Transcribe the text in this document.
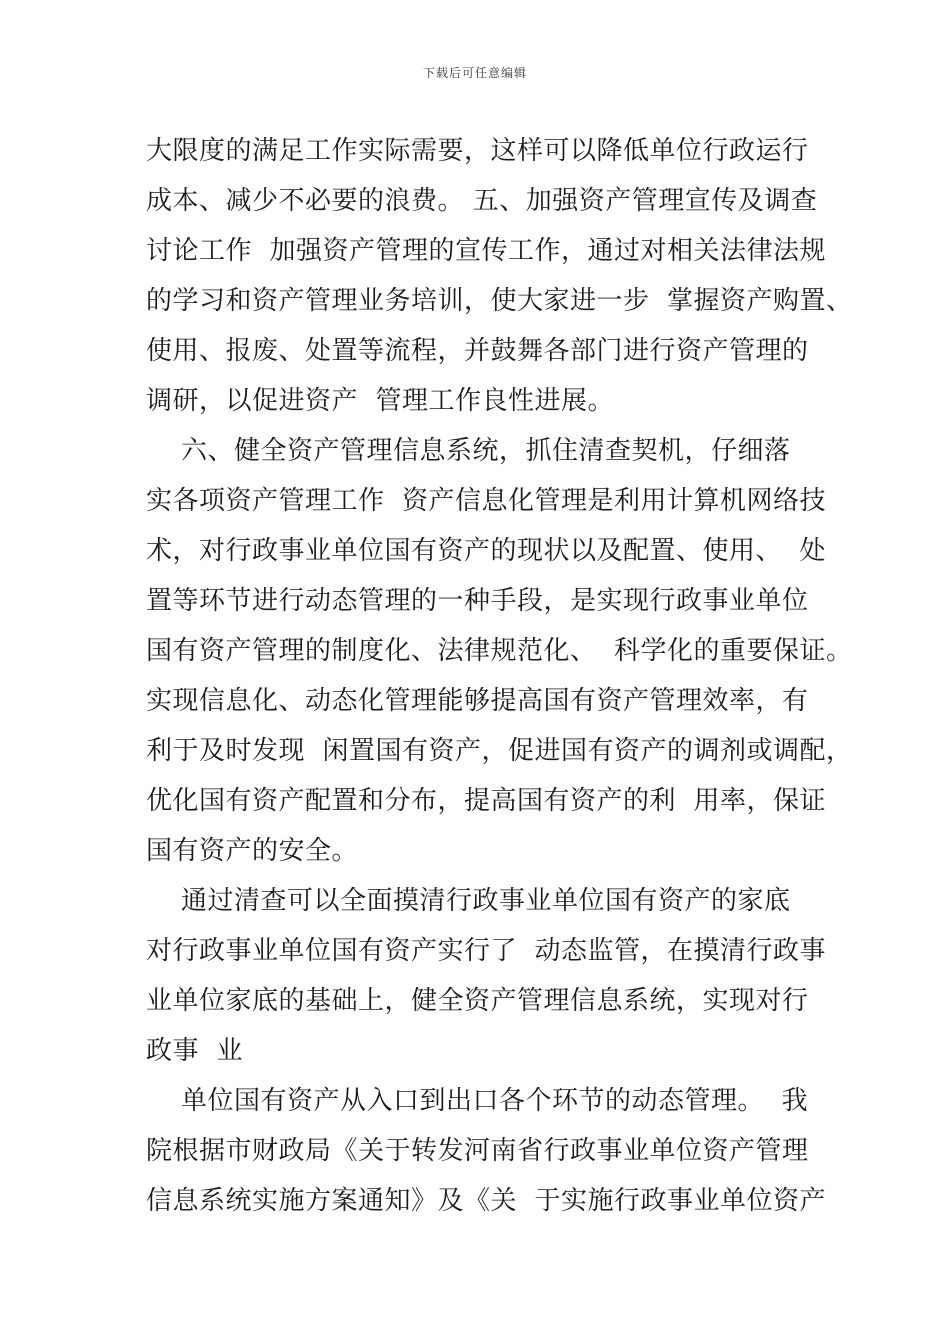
下载后可任意编辑
大限度的满足工作实际需要，这样可以降低单位行政运行
成本、减少不必要的浪费。 五、加强资产管理宣传及调查
讨论工作  加强资产管理的宣传工作，通过对相关法律法规
的学习和资产管理业务培训，使大家进一步  掌握资产购置、
使用、报废、处置等流程，并鼓舞各部门进行资产管理的
调研，以促进资产  管理工作良性进展。
六、健全资产管理信息系统，抓住清查契机，仔细落
实各项资产管理工作  资产信息化管理是利用计算机网络技
术，对行政事业单位国有资产的现状以及配置、使用、  处
置等环节进行动态管理的一种手段，是实现行政事业单位
国有资产管理的制度化、法律规范化、  科学化的重要保证。
实现信息化、动态化管理能够提高国有资产管理效率，有
利于及时发现  闲置国有资产，促进国有资产的调剂或调配，
优化国有资产配置和分布，提高国有资产的利  用率，保证
国有资产的安全。
通过清查可以全面摸清行政事业单位国有资产的家底
对行政事业单位国有资产实行了  动态监管，在摸清行政事
业单位家底的基础上，健全资产管理信息系统，实现对行
政事  业
单位国有资产从入口到出口各个环节的动态管理。  我
院根据市财政局《关于转发河南省行政事业单位资产管理
信息系统实施方案通知》及《关  于实施行政事业单位资产
